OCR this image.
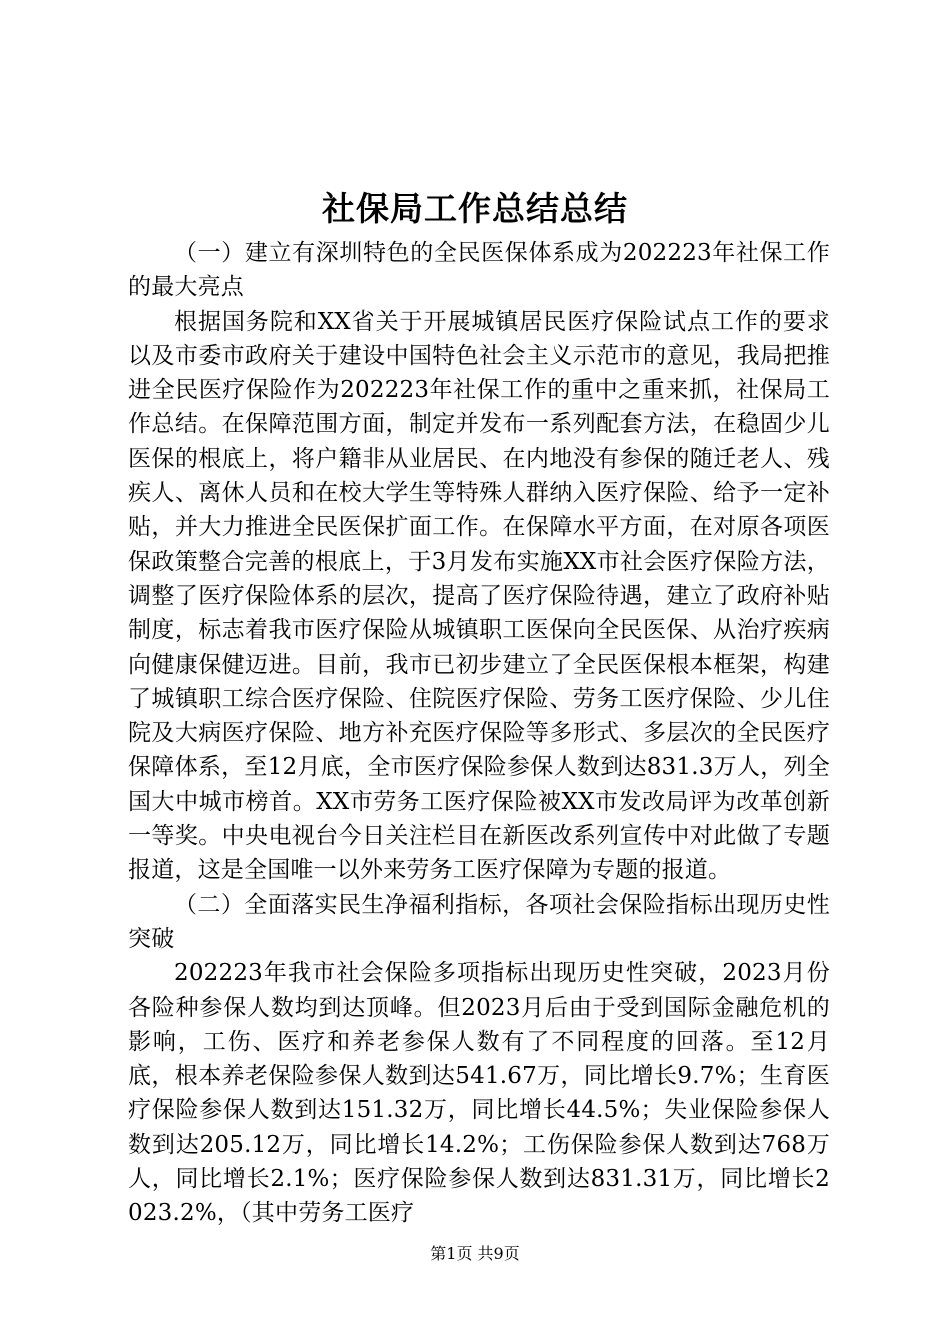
社保局工作总结总结

（一）建立有深圳特色的全民医保体系成为202223年社保工作的最大亮点

根据国务院和XX省关于开展城镇居民医疗保险试点工作的要求以及市委市政府关于建设中国特色社会主义示范市的意见，我局把推进全民医疗保险作为202223年社保工作的重中之重来抓，社保局工作总结。在保障范围方面，制定并发布一系列配套方法，在稳固少儿医保的根底上，将户籍非从业居民、在内地没有参保的随迁老人、残疾人、离休人员和在校大学生等特殊人群纳入医疗保险、给予一定补贴，并大力推进全民医保扩面工作。在保障水平方面，在对原各项医保政策整合完善的根底上，于3月发布实施XX市社会医疗保险方法，调整了医疗保险体系的层次，提高了医疗保险待遇，建立了政府补贴制度，标志着我市医疗保险从城镇职工医保向全民医保、从治疗疾病向健康保健迈进。目前，我市已初步建立了全民医保根本框架，构建了城镇职工综合医疗保险、住院医疗保险、劳务工医疗保险、少儿住院及大病医疗保险、地方补充医疗保险等多形式、多层次的全民医疗保障体系，至12月底，全市医疗保险参保人数到达831.3万人，列全国大中城市榜首。XX市劳务工医疗保险被XX市发改局评为改革创新一等奖。中央电视台今日关注栏目在新医改系列宣传中对此做了专题报道，这是全国唯一以外来劳务工医疗保障为专题的报道。

（二）全面落实民生净福利指标，各项社会保险指标出现历史性突破

202223年我市社会保险多项指标出现历史性突破，2023月份各险种参保人数均到达顶峰。但2023月后由于受到国际金融危机的影响，工伤、医疗和养老参保人数有了不同程度的回落。至12月底，根本养老保险参保人数到达541.67万，同比增长9.7%；生育医疗保险参保人数到达151.32万，同比增长44.5%；失业保险参保人数到达205.12万，同比增长14.2%；工伤保险参保人数到达768万人，同比增长2.1%；医疗保险参保人数到达831.31万，同比增长2023.2%，（其中劳务工医疗

第1页 共9页
